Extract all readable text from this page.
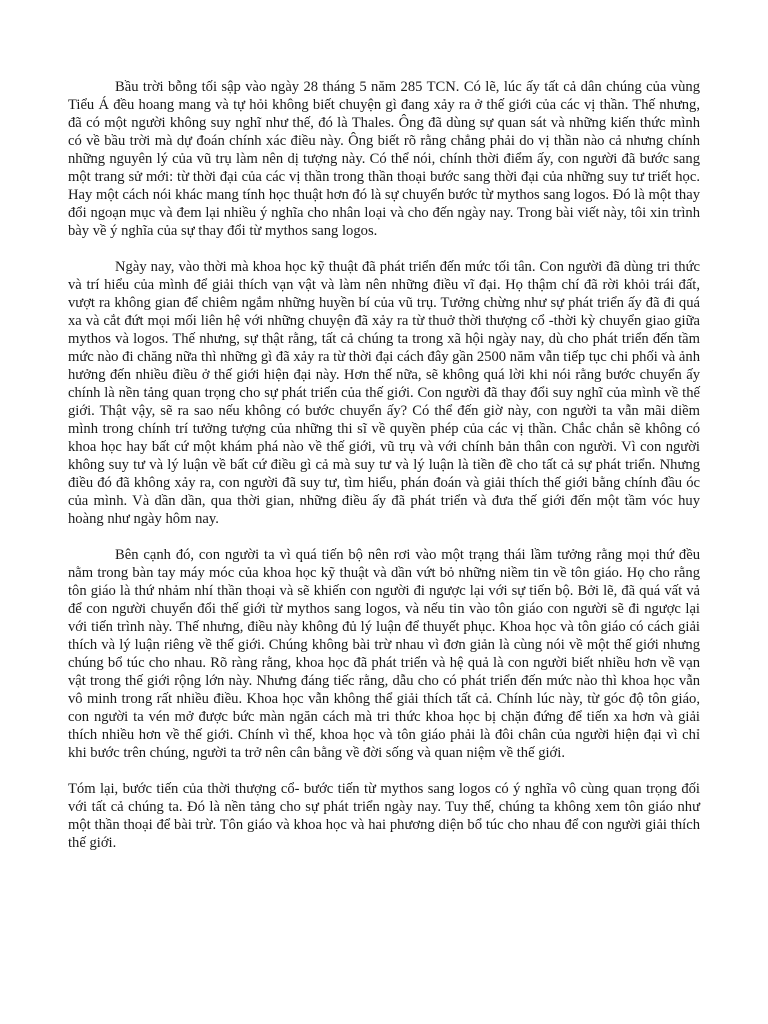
Bầu trời bỗng tối sập vào ngày 28 tháng 5 năm 285 TCN. Có lẽ, lúc ấy tất cả dân chúng của vùng Tiểu Á đều hoang mang và tự hỏi không biết chuyện gì đang xảy ra ở thế giới của các vị thần. Thế nhưng, đã có một người không suy nghĩ như thế, đó là Thales. Ông đã dùng sự quan sát và những kiến thức mình có về bầu trời mà dự đoán chính xác điều này. Ông biết rõ rằng chẳng phải do vị thần nào cả nhưng chính những nguyên lý của vũ trụ làm nên dị tượng này. Có thể nói, chính thời điểm ấy, con người đã bước sang một trang sử mới: từ thời đại của các vị thần trong thần thoại bước sang thời đại của những suy tư triết học. Hay một cách nói khác mang tính học thuật hơn đó là sự chuyển bước từ mythos sang logos. Đó là một thay đổi ngoạn mục và đem lại nhiều ý nghĩa cho nhân loại và cho đến ngày nay. Trong bài viết này, tôi xin trình bày về ý nghĩa của sự thay đổi từ mythos sang logos.

Ngày nay, vào thời mà khoa học kỹ thuật đã phát triển đến mức tối tân. Con người đã dùng tri thức và trí hiểu của mình để giải thích vạn vật và làm nên những điều vĩ đại. Họ thậm chí đã rời khỏi trái đất, vượt ra không gian để chiêm ngắm những huyền bí của vũ trụ. Tưởng chừng như sự phát triển ấy đã đi quá xa và cắt đứt mọi mối liên hệ với những chuyện đã xảy ra từ thuở thời thượng cổ -thời kỳ chuyển giao giữa mythos và logos. Thế nhưng, sự thật rằng, tất cả chúng ta trong xã hội ngày nay, dù cho phát triển đến tầm mức nào đi chăng nữa thì những gì đã xảy ra từ thời đại cách đây gần 2500 năm vẫn tiếp tục chi phối và ảnh hưởng đến nhiều điều ở thế giới hiện đại này. Hơn thế nữa, sẽ không quá lời khi nói rằng bước chuyển ấy chính là nền tảng quan trọng cho sự phát triển của thế giới. Con người đã thay đổi suy nghĩ của mình về thế giới. Thật vậy, sẽ ra sao nếu không có bước chuyển ấy? Có thể đến giờ này, con người ta vẫn mãi diềm mình trong chính trí tưởng tượng của những thi sĩ về quyền phép của các vị thần. Chắc chắn sẽ không có khoa học hay bất cứ một khám phá nào về thế giới, vũ trụ và với chính bản thân con người. Vì con người không suy tư và lý luận về bất cứ điều gì cả mà suy tư và lý luận là tiền đề cho tất cả sự phát triển. Nhưng điều đó đã không xảy ra, con người đã suy tư, tìm hiểu, phán đoán và giải thích thế giới bằng chính đầu óc của mình. Và dần dần, qua thời gian, những điều ấy đã phát triển và đưa thế giới đến một tầm vóc huy hoàng như ngày hôm nay.

Bên cạnh đó, con người ta vì quá tiến bộ nên rơi vào một trạng thái lầm tưởng rằng mọi thứ đều nằm trong bàn tay máy móc của khoa học kỹ thuật và dần vứt bỏ những niềm tin về tôn giáo. Họ cho rằng tôn giáo là thứ nhảm nhí thần thoại và sẽ khiến con người đi ngược lại với sự tiến bộ. Bởi lẽ, đã quá vất vả để con người chuyển đổi thế giới từ mythos sang logos, và nếu tin vào tôn giáo con người sẽ đi ngược lại với tiến trình này. Thế nhưng, điều này không đủ lý luận để thuyết phục. Khoa học và tôn giáo có cách giải thích và lý luận riêng về thế giới. Chúng không bài trừ nhau vì đơn giản là cùng nói về một thế giới nhưng chúng bổ túc cho nhau. Rõ ràng rằng, khoa học đã phát triển và hệ quả là con người biết nhiều hơn về vạn vật trong thế giới rộng lớn này. Nhưng đáng tiếc rằng, dẫu cho có phát triển đến mức nào thì khoa học vẫn vô minh trong rất nhiều điều. Khoa học vẫn không thể giải thích tất cả. Chính lúc này, từ góc độ tôn giáo, con người ta vén mở được bức màn ngăn cách mà tri thức khoa học bị chặn đứng để tiến xa hơn và giải thích nhiều hơn về thế giới. Chính vì thế, khoa học và tôn giáo phải là đôi chân của người hiện đại vì chỉ khi bước trên chúng, người ta trở nên cân bằng về đời sống và quan niệm về thế giới.

Tóm lại, bước tiến của thời thượng cổ- bước tiến từ mythos sang logos có ý nghĩa vô cùng quan trọng đối với tất cả chúng ta. Đó là nền tảng cho sự phát triển ngày nay. Tuy thế, chúng ta không xem tôn giáo như một thần thoại để bài trừ. Tôn giáo và khoa học và hai phương diện bổ túc cho nhau để con người giải thích thế giới.
